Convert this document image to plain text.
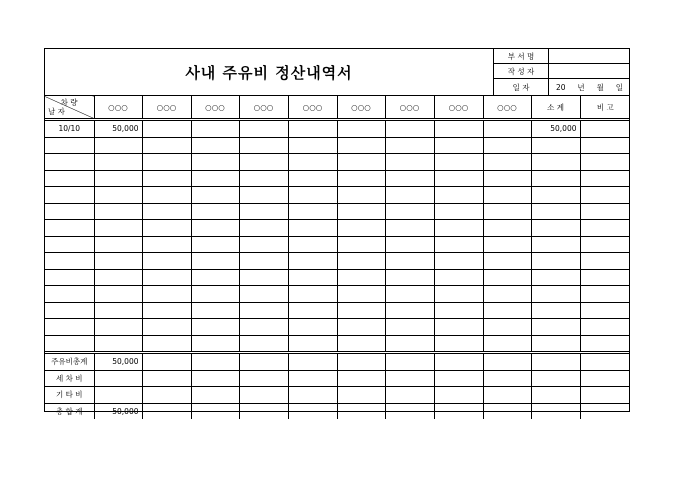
사내 주유비 정산내역서
부 서 명
작 성 자
일 자	20 년 월 일
차 량
날 자	○○○	○○○	○○○	○○○	○○○	○○○	○○○	○○○	○○○	소 계	비 고
10/10	50,000									50,000	

주유비총계	50,000										
세 차 비											
기 타 비											
총 합 계	50,000										
